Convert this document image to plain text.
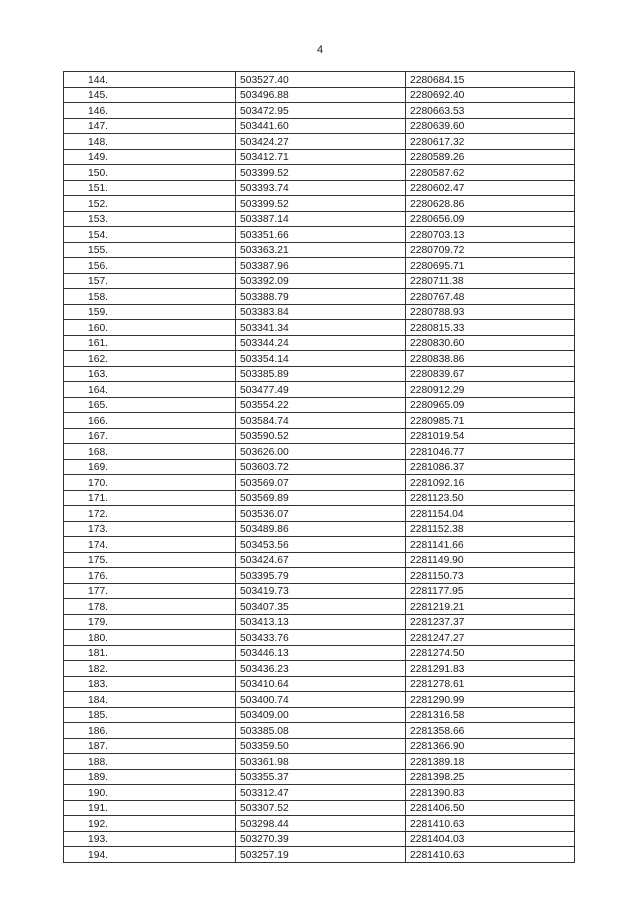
4
144.	503527.40	2280684.15
145.	503496.88	2280692.40
146.	503472.95	2280663.53
147.	503441.60	2280639.60
148.	503424.27	2280617.32
149.	503412.71	2280589.26
150.	503399.52	2280587.62
151.	503393.74	2280602.47
152.	503399.52	2280628.86
153.	503387.14	2280656.09
154.	503351.66	2280703.13
155.	503363.21	2280709.72
156.	503387.96	2280695.71
157.	503392.09	2280711.38
158.	503388.79	2280767.48
159.	503383.84	2280788.93
160.	503341.34	2280815.33
161.	503344.24	2280830.60
162.	503354.14	2280838.86
163.	503385.89	2280839.67
164.	503477.49	2280912.29
165.	503554.22	2280965.09
166.	503584.74	2280985.71
167.	503590.52	2281019.54
168.	503626.00	2281046.77
169.	503603.72	2281086.37
170.	503569.07	2281092.16
171.	503569.89	2281123.50
172.	503536.07	2281154.04
173.	503489.86	2281152.38
174.	503453.56	2281141.66
175.	503424.67	2281149.90
176.	503395.79	2281150.73
177.	503419.73	2281177.95
178.	503407.35	2281219.21
179.	503413.13	2281237.37
180.	503433.76	2281247.27
181.	503446.13	2281274.50
182.	503436.23	2281291.83
183.	503410.64	2281278.61
184.	503400.74	2281290.99
185.	503409.00	2281316.58
186.	503385.08	2281358.66
187.	503359.50	2281366.90
188.	503361.98	2281389.18
189.	503355.37	2281398.25
190.	503312.47	2281390.83
191.	503307.52	2281406.50
192.	503298.44	2281410.63
193.	503270.39	2281404.03
194.	503257.19	2281410.63
